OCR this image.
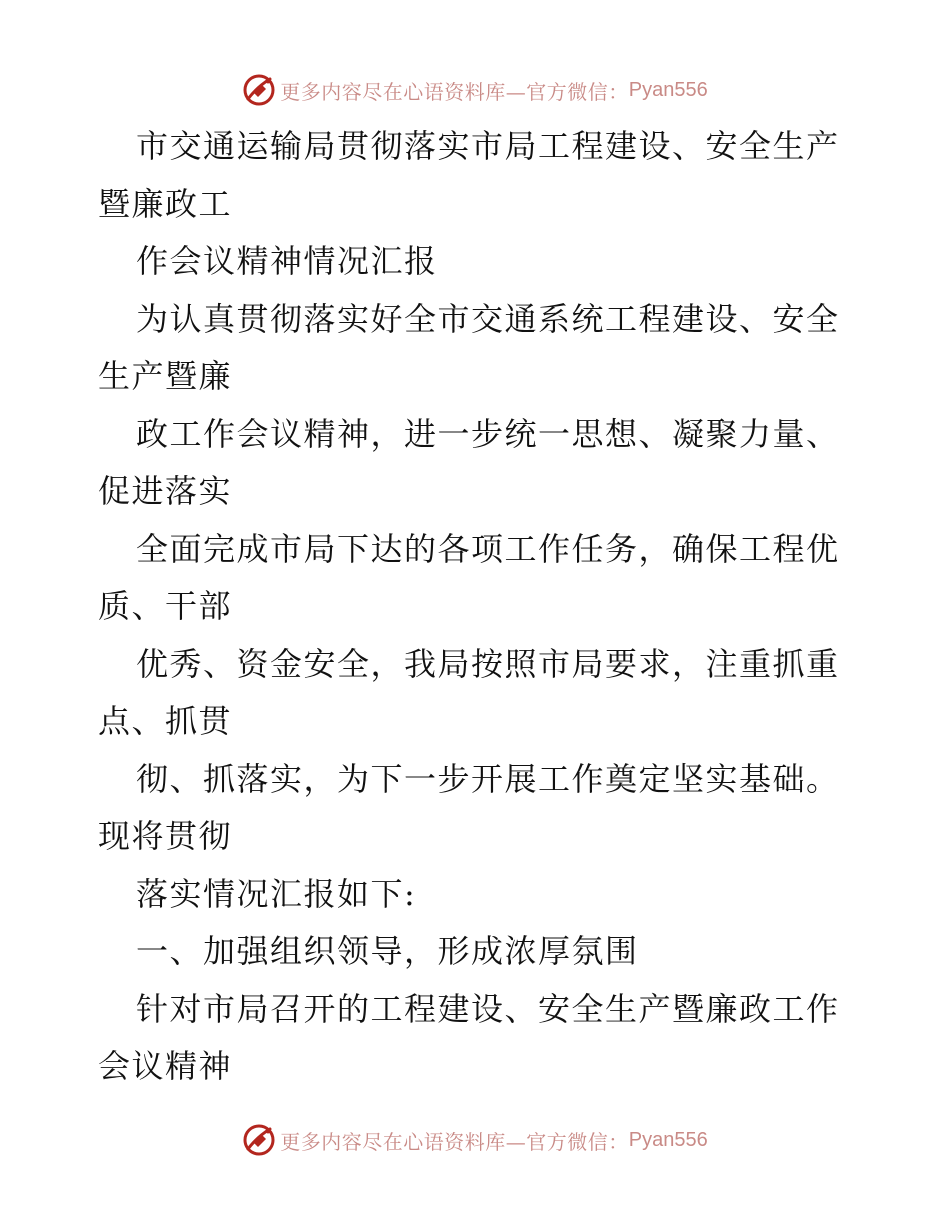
更多内容尽在心语资料库—官方微信： Pyan556
市交通运输局贯彻落实市局工程建设、安全生产
暨廉政工
作会议精神情况汇报
为认真贯彻落实好全市交通系统工程建设、安全
生产暨廉
政工作会议精神，进一步统一思想、凝聚力量、
促进落实
全面完成市局下达的各项工作任务，确保工程优
质、干部
优秀、资金安全，我局按照市局要求，注重抓重
点、抓贯
彻、抓落实，为下一步开展工作奠定坚实基础。
现将贯彻
落实情况汇报如下:
一、加强组织领导，形成浓厚氛围
针对市局召开的工程建设、安全生产暨廉政工作
会议精神
更多内容尽在心语资料库—官方微信： Pyan556
